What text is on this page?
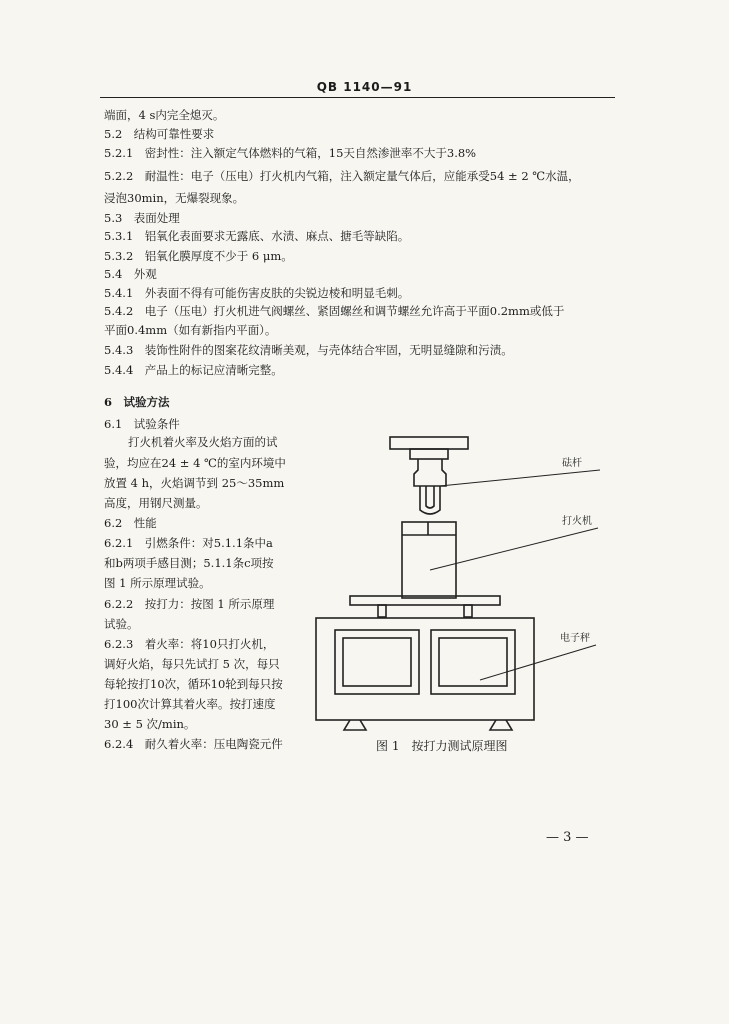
QB 1140—91
端面，4 s内完全熄灭。
5.2　结构可靠性要求
5.2.1　密封性：注入额定气体燃料的气箱，15天自然渗泄率不大于3.8%
5.2.2　耐温性：电子（压电）打火机内气箱，注入额定量气体后，应能承受54 ± 2 ℃水温，
浸泡30min，无爆裂现象。
5.3　表面处理
5.3.1　铝氧化表面要求无露底、水渍、麻点、搪毛等缺陷。
5.3.2　铝氧化膜厚度不少于 6 μm。
5.4　外观
5.4.1　外表面不得有可能伤害皮肤的尖锐边棱和明显毛刺。
5.4.2　电子（压电）打火机进气阀螺丝、紧固螺丝和调节螺丝允许高于平面0.2mm或低于
平面0.4mm（如有新指内平面）。
5.4.3　装饰性附件的图案花纹清晰美观，与壳体结合牢固，无明显缝隙和污渍。
5.4.4　产品上的标记应清晰完整。
6　试验方法
6.1　试验条件
打火机着火率及火焰方面的试
验，均应在24 ± 4 ℃的室内环境中
放置 4 h，火焰调节到 25～35mm
高度，用钢尺测量。
6.2　性能
6.2.1　引燃条件：对5.1.1条中a
和b两项手感目测；5.1.1条c项按
图 1 所示原理试验。
6.2.2　按打力：按图 1 所示原理
试验。
6.2.3　着火率：将10只打火机，
调好火焰，每只先试打 5 次，每只
每轮按打10次，循环10轮到每只按
打100次计算其着火率。按打速度
30 ± 5 次/min。
6.2.4　耐久着火率：压电陶瓷元件
砝杆
打火机
电子秤
图 1　按打力测试原理图
— 3 —
